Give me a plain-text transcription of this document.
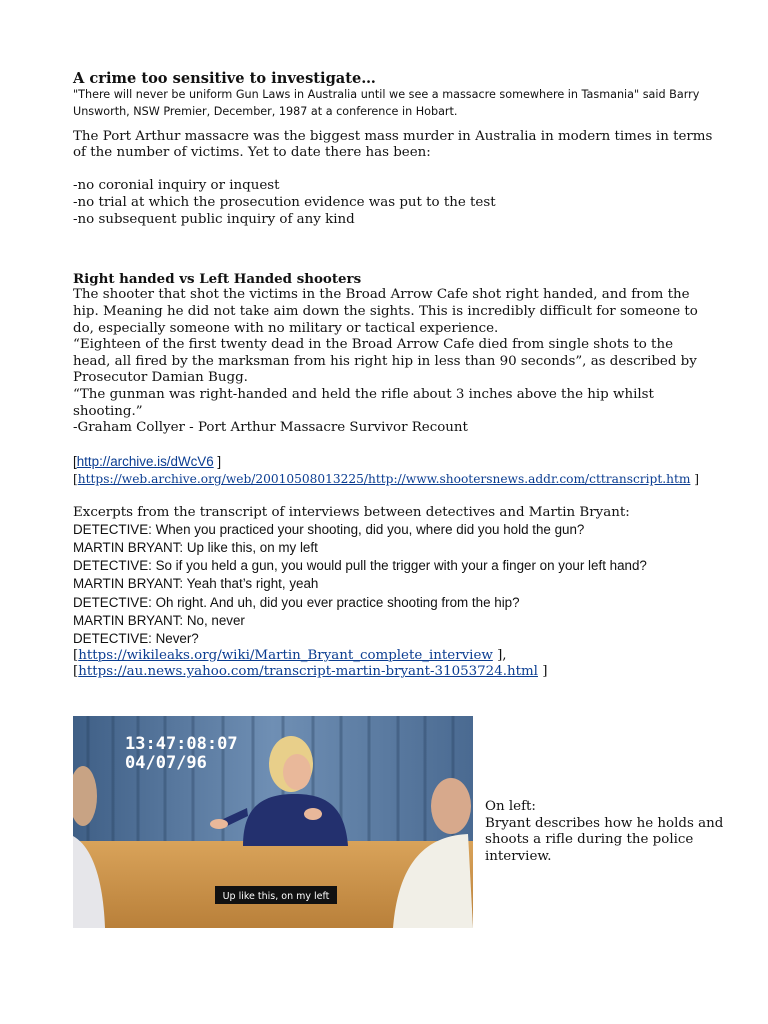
A crime too sensitive to investigate…
"There will never be uniform Gun Laws in Australia until we see a massacre somewhere in Tasmania" said Barry Unsworth, NSW Premier, December, 1987 at a conference in Hobart.
The Port Arthur massacre was the biggest mass murder in Australia in modern times in terms of the number of victims. Yet to date there has been:
-no coronial inquiry or inquest
-no trial at which the prosecution evidence was put to the test
-no subsequent public inquiry of any kind
Right handed vs Left Handed shooters
The shooter that shot the victims in the Broad Arrow Cafe shot right handed, and from the hip. Meaning he did not take aim down the sights. This is incredibly difficult for someone to do, especially someone with no military or tactical experience.
“Eighteen of the first twenty dead in the Broad Arrow Cafe died from single shots to the head, all fired by the marksman from his right hip in less than 90 seconds”, as described by Prosecutor Damian Bugg.
“The gunman was right-handed and held the rifle about 3 inches above the hip whilst shooting.”
-Graham Collyer - Port Arthur Massacre Survivor Recount
[http://archive.is/dWcV6 ]
[https://web.archive.org/web/20010508013225/http://www.shootersnews.addr.com/cttranscript.htm ]
Excerpts from the transcript of interviews between detectives and Martin Bryant:
DETECTIVE: When you practiced your shooting, did you, where did you hold the gun?
MARTIN BRYANT: Up like this, on my left
DETECTIVE: So if you held a gun, you would pull the trigger with your a finger on your left hand?
MARTIN BRYANT: Yeah that’s right, yeah
DETECTIVE: Oh right. And uh, did you ever practice shooting from the hip?
MARTIN BRYANT: No, never
DETECTIVE: Never?
[https://wikileaks.org/wiki/Martin_Bryant_complete_interview ],
[https://au.news.yahoo.com/transcript-martin-bryant-31053724.html ]
13:47:08:07
04/07/96
Up like this, on my left
On left:
Bryant describes how he holds and shoots a rifle during the police interview.
